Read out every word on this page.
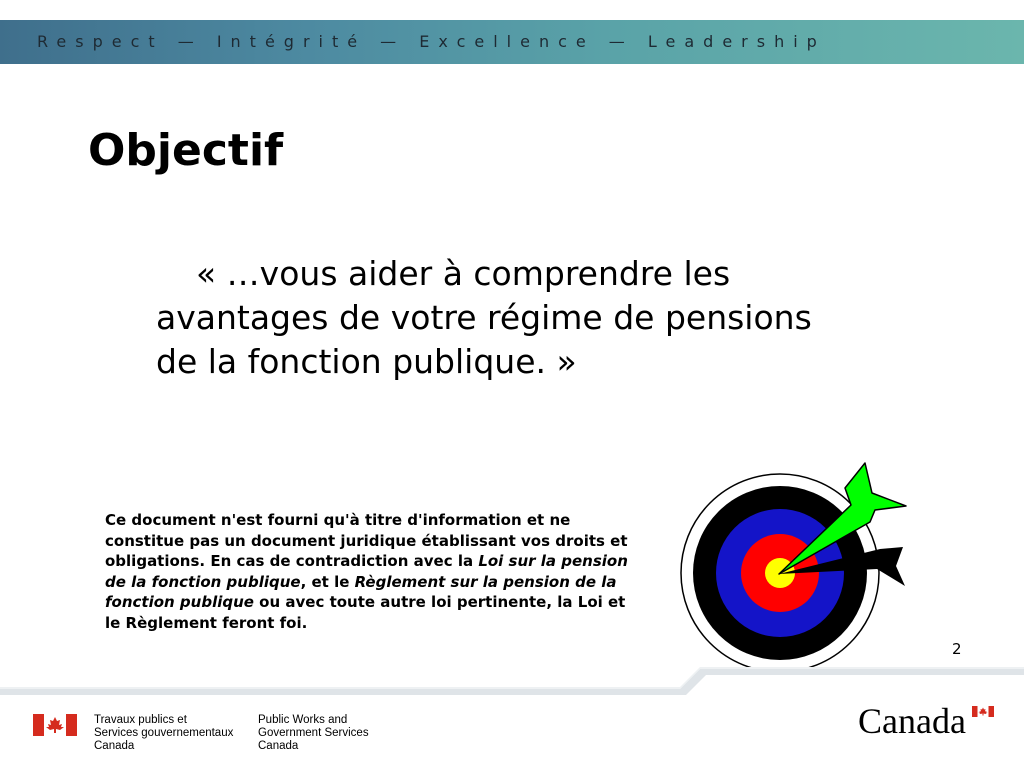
Respect — Intégrité — Excellence — Leadership
Objectif
« …vous aider à comprendre les
avantages de votre régime de pensions
de la fonction publique. »
Ce document n'est fourni qu'à titre d'information et ne constitue pas un document juridique établissant vos droits et obligations. En cas de contradiction avec la Loi sur la pension de la fonction publique, et le Règlement sur la pension de la fonction publique ou avec toute autre loi pertinente, la Loi et le Règlement feront foi.
2
Travaux publics et
Services gouvernementaux
Canada
Public Works and
Government Services
Canada
Canada
